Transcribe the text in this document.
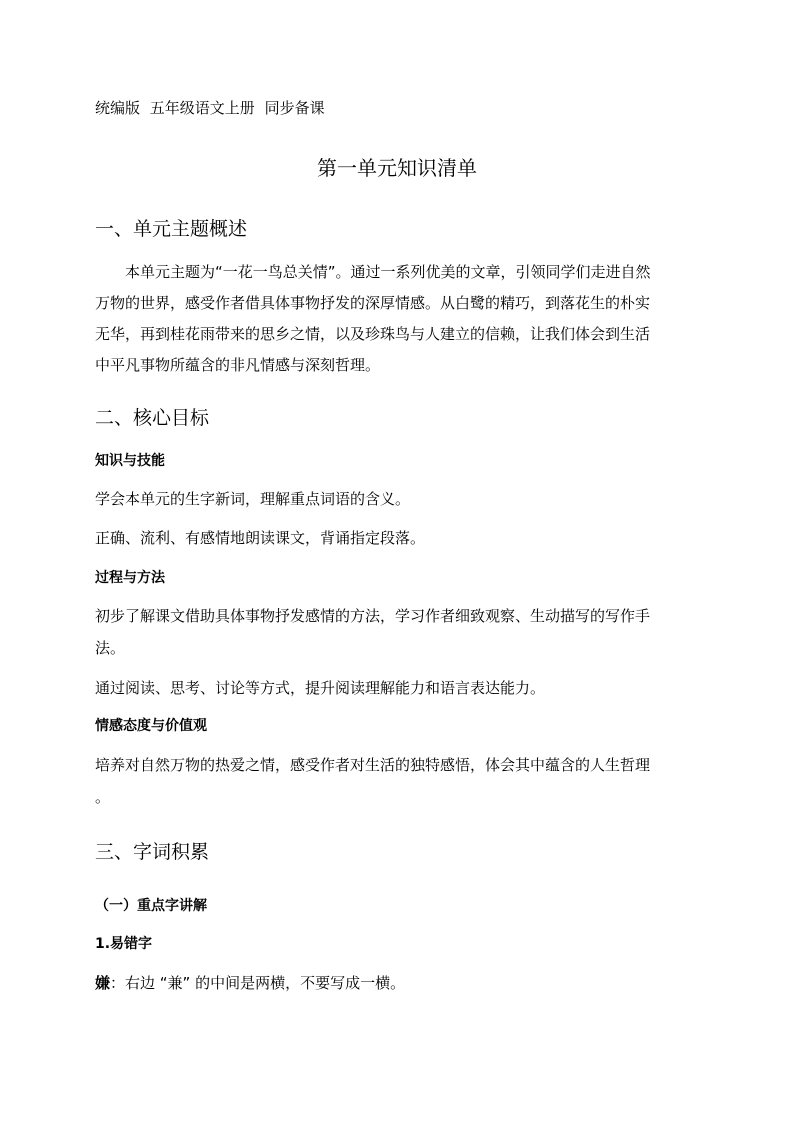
统编版 五年级语文上册 同步备课
第一单元知识清单
一、单元主题概述
本单元主题为“一花一鸟总关情”。通过一系列优美的文章，引领同学们走进自然
万物的世界，感受作者借具体事物抒发的深厚情感。从白鹭的精巧，到落花生的朴实
无华，再到桂花雨带来的思乡之情，以及珍珠鸟与人建立的信赖，让我们体会到生活
中平凡事物所蕴含的非凡情感与深刻哲理。
二、核心目标
知识与技能
学会本单元的生字新词，理解重点词语的含义。
正确、流利、有感情地朗读课文，背诵指定段落。
过程与方法
初步了解课文借助具体事物抒发感情的方法，学习作者细致观察、生动描写的写作手
法。
通过阅读、思考、讨论等方式，提升阅读理解能力和语言表达能力。
情感态度与价值观
培养对自然万物的热爱之情，感受作者对生活的独特感悟，体会其中蕴含的人生哲理
。
三、字词积累
（一）重点字讲解
1.易错字
嫌：右边 “兼” 的中间是两横，不要写成一横。
